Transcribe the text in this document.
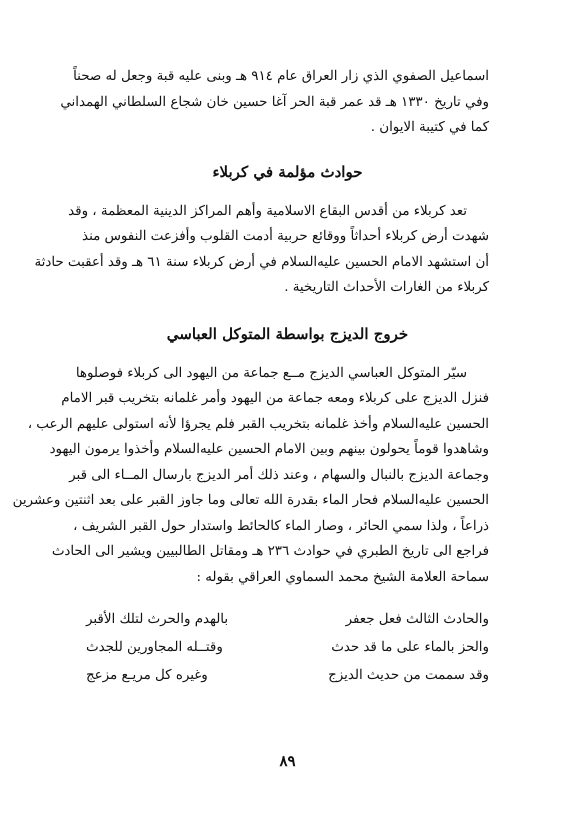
اسماعيل الصفوي الذي زار العراق عام ٩١٤ هـ وبنى عليه قبة وجعل له صحناً
وفي تاريخ ١٣٣٠ هـ قد عمر قبة الحر آغا حسين خان شجاع السلطاني الهمداني
كما في كتيبة الايوان .

حوادث مؤلمة في كربلاء

تعد كربلاء من أقدس البقاع الاسلامية وأهم المراكز الدينية المعظمة ، وقد
شهدت أرض كربلاء أحداثاً ووقائع حربية أدمت القلوب وأفزعت النفوس منذ
أن استشهد الامام الحسين عليه‌السلام في أرض كربلاء سنة ٦١ هـ وقد أعقبت حادثة
كربلاء من الغارات الأحداث التاريخية .

خروج الديزج بواسطة المتوكل العباسي

سيّر المتوكل العباسي الديزج مــع جماعة من اليهود الى كربلاء فوصلوها
فنزل الديزج على كربلاء ومعه جماعة من اليهود وأمر غلمانه بتخريب قبر الامام
الحسين عليه‌السلام وأخذ غلمانه بتخريب القبر فلم يجرؤا لأنه استولى عليهم الرعب ،
وشاهدوا قوماً يحولون بينهم وبين الامام الحسين عليه‌السلام وأخذوا يرمون اليهود
وجماعة الديزج بالنبال والسهام ، وعند ذلك أمر الديزج بارسال المــاء الى قبر
الحسين عليه‌السلام فحار الماء بقدرة الله تعالى وما جاوز القبر على بعد اثنتين وعشرين
ذراعاً ، ولذا سمي الحائر ، وصار الماء كالحائط واستدار حول القبر الشريف ،
فراجع الى تاريخ الطبري في حوادث ٢٣٦ هـ ومقاتل الطالبيين ويشير الى الحادث
سماحة العلامة الشيخ محمد السماوي العراقي بقوله :

والحادث الثالث فعل جعفر
بالهدم والحرث لتلك الأقبر
والحز بالماء على ما قد حدث
وقتــله المجاورين للجدث
وقد سممت من حديث الديزج
وغيره كل مريـع مزعج
٨٩
